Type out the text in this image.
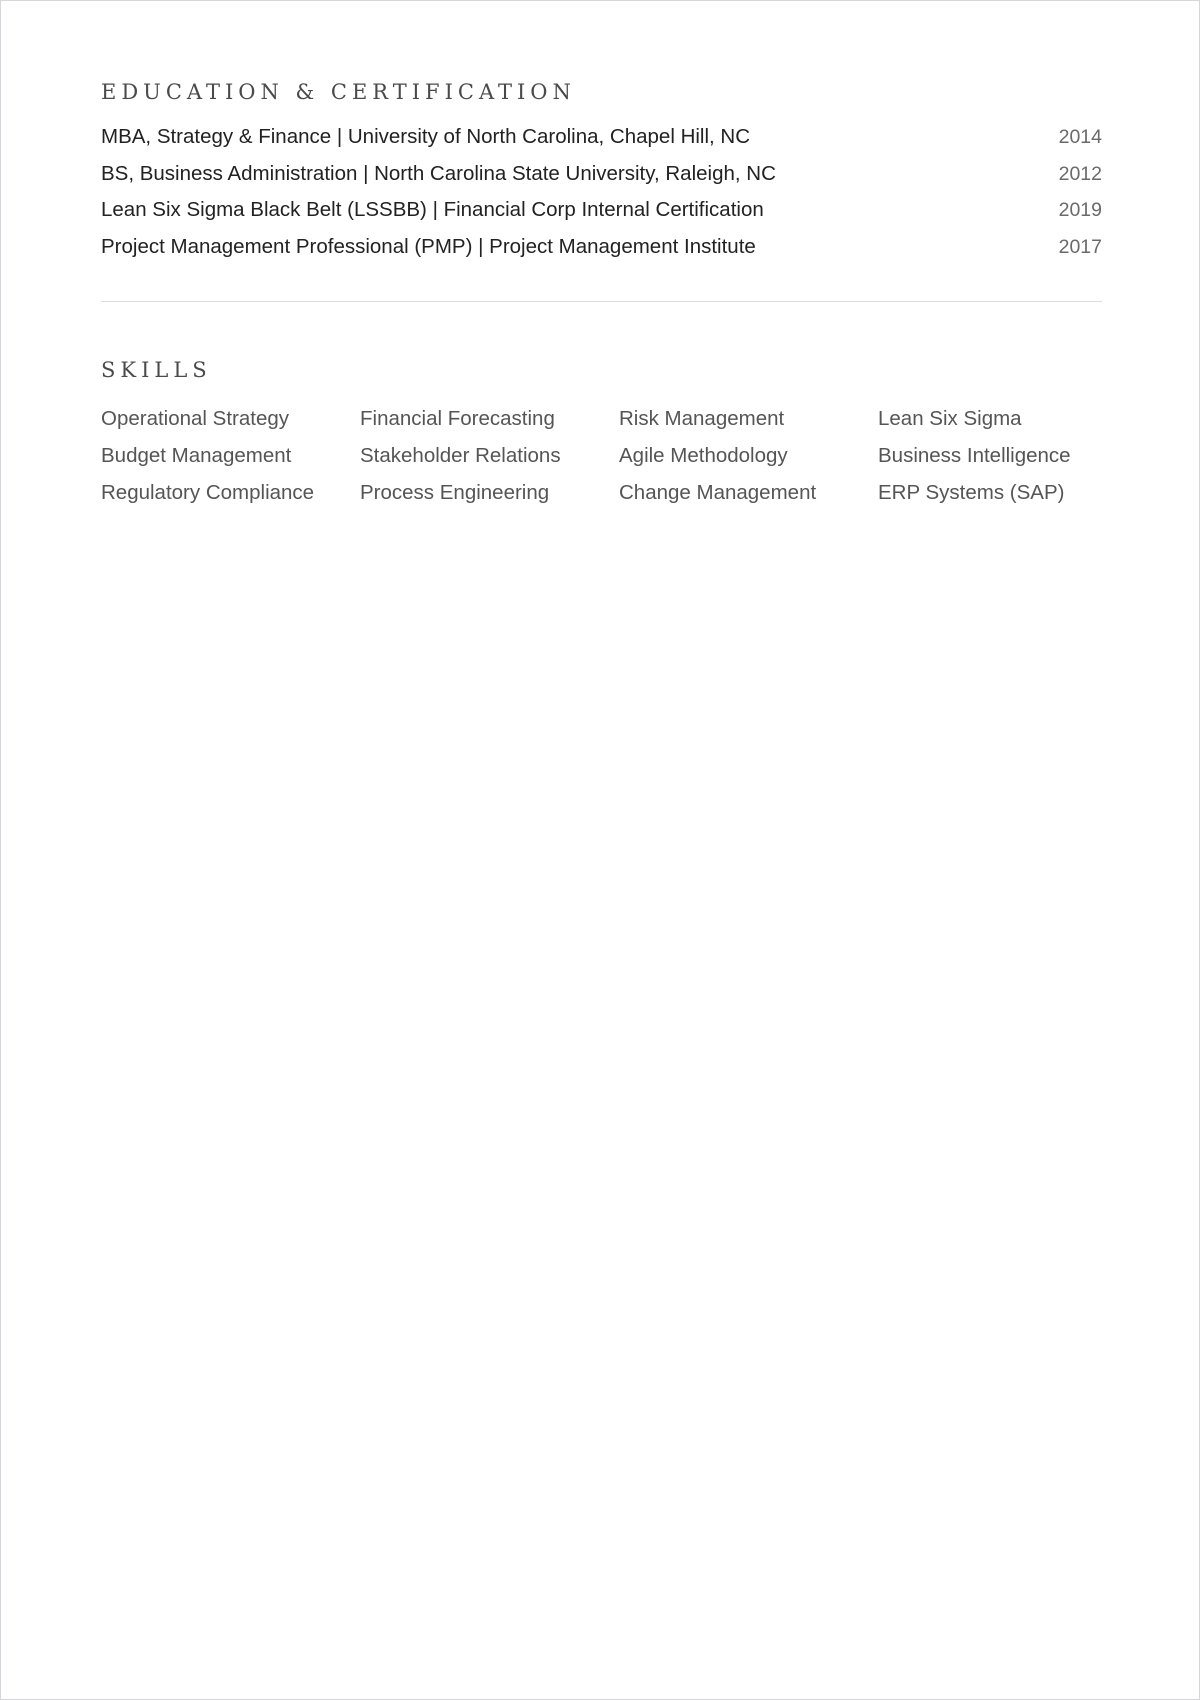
EDUCATION & CERTIFICATION
MBA, Strategy & Finance | University of North Carolina, Chapel Hill, NC	2014
BS, Business Administration | North Carolina State University, Raleigh, NC	2012
Lean Six Sigma Black Belt (LSSBB) | Financial Corp Internal Certification	2019
Project Management Professional (PMP) | Project Management Institute	2017
SKILLS
Operational Strategy	Financial Forecasting	Risk Management	Lean Six Sigma
Budget Management	Stakeholder Relations	Agile Methodology	Business Intelligence
Regulatory Compliance	Process Engineering	Change Management	ERP Systems (SAP)
